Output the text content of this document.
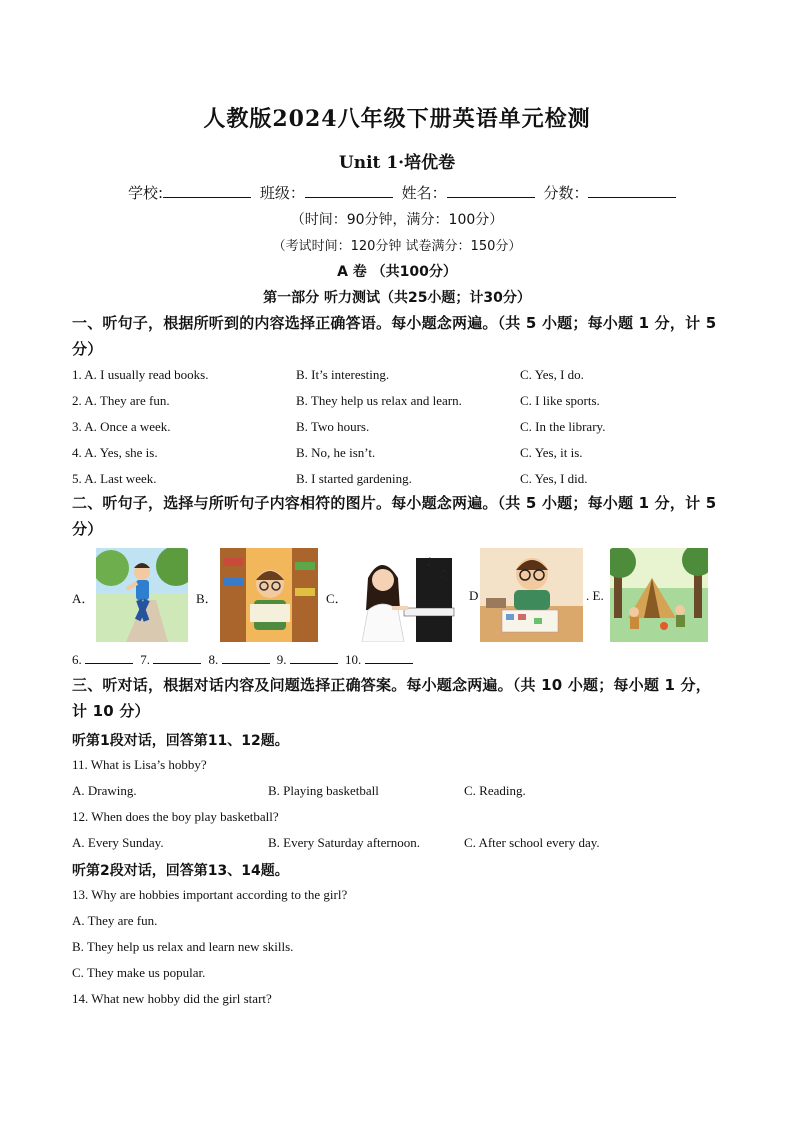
人教版2024八年级下册英语单元检测
Unit 1·培优卷
学校:	班级：	姓名：	分数：
（时间：90分钟，满分：100分）
（考试时间：120分钟 试卷满分：150分）
A 卷 （共100分）
第一部分 听力测试（共25小题；计30分）
一、听句子，根据所听到的内容选择正确答语。每小题念两遍。（共 5 小题；每小题 1 分，计 5 分）
1. A. I usually read books.	B. It’s interesting.	C. Yes, I do.
2. A. They are fun.	B. They help us relax and learn.	C. I like sports.
3. A. Once a week.	B. Two hours.	C. In the library.
4. A. Yes, she is.	B. No, he isn’t.	C. Yes, it is.
5. A. Last week.	B. I started gardening.	C. Yes, I did.
二、听句子，选择与所听句子内容相符的图片。每小题念两遍。（共 5 小题；每小题 1 分，计 5 分）
A．	B．	C．
♪
♫
D	. E.
6.	7.	8.	9.	10.
三、听对话，根据对话内容及问题选择正确答案。每小题念两遍。（共 10 小题；每小题 1 分，计 10 分）
听第1段对话，回答第11、12题。
11. What is Lisa’s hobby?
A. Drawing.	B. Playing basketball	C. Reading.
12. When does the boy play basketball?
A. Every Sunday.	B. Every Saturday afternoon.	C. After school every day.
听第2段对话，回答第13、14题。
13. Why are hobbies important according to the girl?
A. They are fun.
B. They help us relax and learn new skills.
C. They make us popular.
14. What new hobby did the girl start?
